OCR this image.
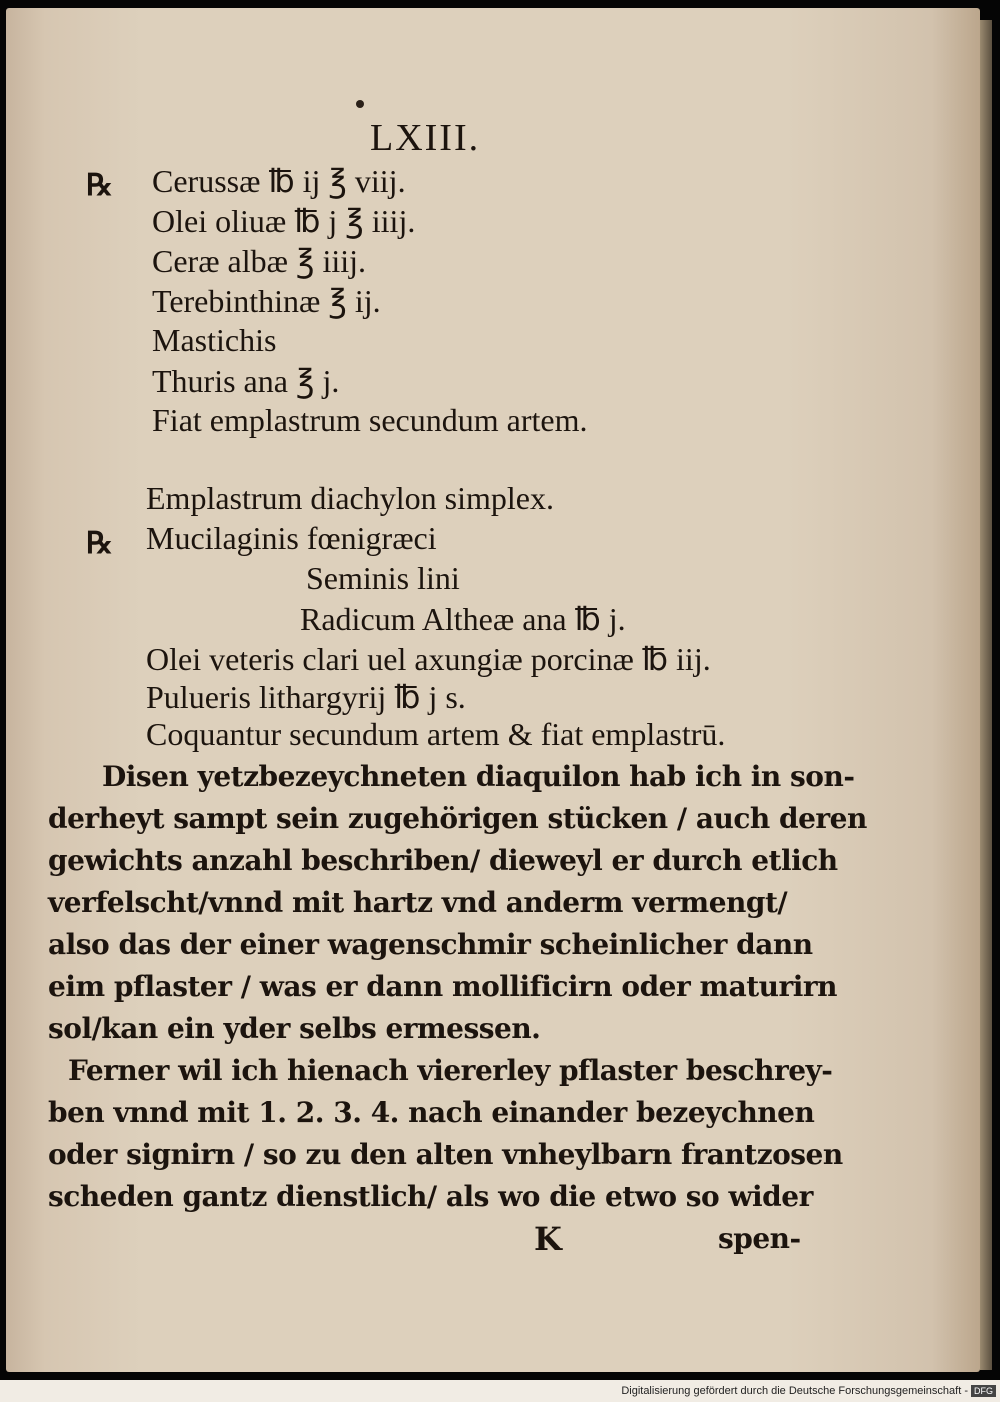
LXIII.
℞ Cerussæ ℔ ij ℥ viij.
Olei oliuæ ℔ j ℥ iiij.
Ceræ albæ ℥ iiij.
Terebinthinæ ℥ ij.
Mastichis
Thuris ana ℥ j.
Fiat emplastrum secundum artem.
Emplastrum diachylon simplex.
℞ Mucilaginis fœnigræci
Seminis lini
Radicum Altheæ ana ℔ j.
Olei veteris clari uel axungiæ porcinæ ℔ iij.
Pulueris lithargyrij ℔ j s.
Coquantur secundum artem & fiat emplastrū.
Disen yetzbezeychneten diaquilon hab ich in son-
derheyt sampt sein zugehörigen stücken / auch deren
gewichts anzahl beschriben/ dieweyl er durch etlich
verfelscht/vnnd mit hartz vnd anderm vermengt/
also das der einer wagenschmir scheinlicher dann
eim pflaster / was er dann mollificirn oder maturirn
sol/kan ein yder selbs ermessen.
Ferner wil ich hienach viererley pflaster beschrey-
ben vnnd mit 1. 2. 3. 4. nach einander bezeychnen
oder signirn / so zu den alten vnheylbarn frantzosen
scheden gantz dienstlich/ als wo die etwo so wider
K	spen-
Digitalisierung gefördert durch die Deutsche Forschungsgemeinschaft - DFG
